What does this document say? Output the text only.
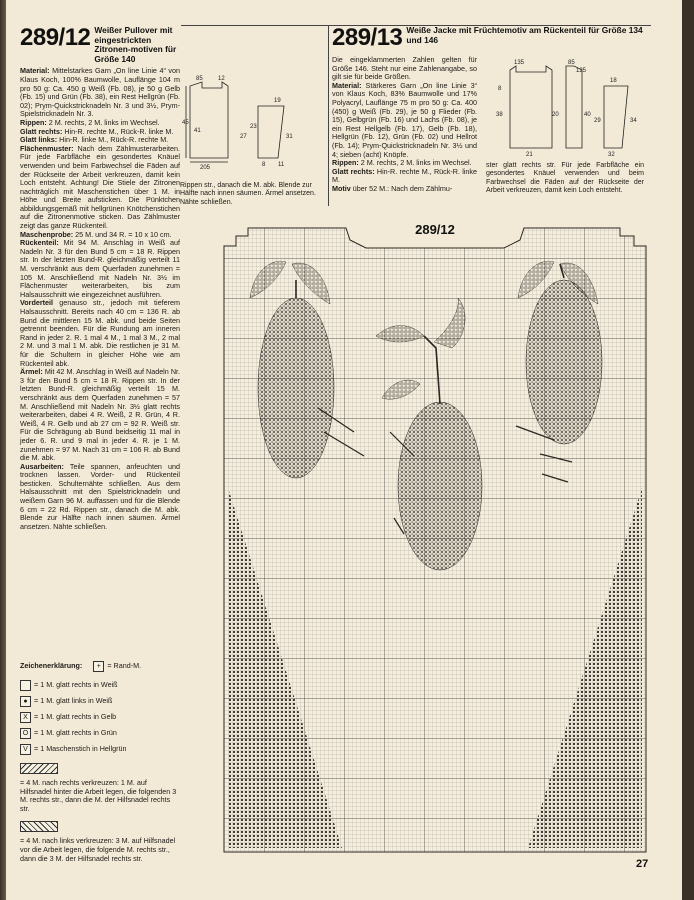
289/12 Weißer Pullover mit eingestrickten Zitronen-motiven für Größe 140

Material: Mittelstarkes Garn „On line Linie 4“ von Klaus Koch, 100% Baumwolle, Lauflänge 104 m pro 50 g: Ca. 450 g Weiß (Fb. 08), je 50 g Gelb (Fb. 15) und Grün (Fb. 38), ein Rest Hellgrün (Fb. 02); Prym-Quickstricknadeln Nr. 3 und 3½, Prym-Spielstricknadeln Nr. 3.

Rippen: 2 M. rechts, 2 M. links im Wechsel.

Glatt rechts: Hin-R. rechte M., Rück-R. linke M.

Glatt links: Hin-R. linke M., Rück-R. rechte M.

Flächenmuster: Nach dem Zählmusterarbeiten. Für jede Farbfläche ein gesondertes Knäuel verwenden und beim Farbwechsel die Fäden auf der Rückseite der Arbeit verkreuzen, damit kein Loch entsteht. Achtung! Die Stiele der Zitronen nachträglich mit Maschenstichen über 1 M. in Höhe und Breite aufsticken. Die Pünktchen abbildungsgemäß mit hellgrünen Knötchenstichen auf die Zitronenmotive sticken. Das Zählmuster zeigt das ganze Rückenteil.

Maschenprobe: 25 M. und 34 R. = 10 x 10 cm.

Rückenteil: Mit 94 M. Anschlag in Weiß auf Nadeln Nr. 3 für den Bund 5 cm = 18 R. Rippen str. In der letzten Bund-R. gleichmäßig verteilt 11 M. verschränkt aus dem Querfaden zunehmen = 105 M. Anschließend mit Nadeln Nr. 3½ im Flächenmuster weiterarbeiten, bis zum Halsausschnitt wie eingezeichnet ausführen.

Vorderteil genauso str., jedoch mit tieferem Halsausschnitt. Bereits nach 40 cm = 136 R. ab Bund die mittleren 15 M. abk. und beide Seiten getrennt beenden. Für die Rundung am inneren Rand in jeder 2. R. 1 mal 4 M., 1 mal 3 M., 2 mal 2 M. und 3 mal 1 M. abk. Die restlichen je 31 M. für die Schultern in gleicher Höhe wie am Rückenteil abk.

Ärmel: Mit 42 M. Anschlag in Weiß auf Nadeln Nr. 3 für den Bund 5 cm = 18 R. Rippen str. In der letzten Bund-R. gleichmäßig verteilt 15 M. verschränkt aus dem Querfaden zunehmen = 57 M. Anschließend mit Nadeln Nr. 3½ glatt rechts weiterarbeiten, dabei 4 R. Weiß, 2 R. Grün, 4 R. Weiß, 4 R. Gelb und ab 27 cm = 92 R. Weiß str. Für die Schrägung ab Bund beidseitig 11 mal in jeder 6. R. und 9 mal in jeder 4. R. je 1 M. zunehmen = 97 M. Nach 31 cm = 106 R. ab Bund die M. abk.

Ausarbeiten: Teile spannen, anfeuchten und trocknen lassen. Vorder- und Rückenteil besticken. Schulternähte schließen. Aus dem Halsausschnitt mit den Spielstricknadeln und weißem Garn 96 M. auffassen und für die Blende 6 cm = 22 Rd. Rippen str., danach die M. abk. Blende zur Hälfte nach innen säumen. Ärmel ansetzen. Nähte schließen.

Zeichenerklärung:	+ = Rand-M.
= 1 M. glatt rechts in Weiß
● = 1 M. glatt links in Weiß
X = 1 M. glatt rechts in Gelb
O = 1 M. glatt rechts in Grün
V = 1 Maschenstich in Hellgrün
= 4 M. nach rechts verkreuzen: 1 M. auf Hilfsnadel hinter die Arbeit legen, die folgenden 3 M. rechts str., dann die M. der Hilfsnadel rechts str.
= 4 M. nach links verkreuzen: 3 M. auf Hilfsnadel vor die Arbeit legen, die folgende M. rechts str., dann die 3 M. der Hilfsnadel rechts str.
85	12
45
41
27
23
205
31
19
8 11
Rippen str., danach die M. abk. Blende zur Hälfte nach innen säumen. Ärmel ansetzen. Nähte schließen.
289/13 Weiße Jacke mit Früchtemotiv am Rückenteil für Größe 134 und 146

Die eingeklammerten Zahlen gelten für Größe 146. Steht nur eine Zahlenangabe, so gilt sie für beide Größen.

Material: Stärkeres Garn „On line Linie 3“ von Klaus Koch, 83% Baumwolle und 17% Polyacryl, Lauflänge 75 m pro 50 g: Ca. 400 (450) g Weiß (Fb. 29), je 50 g Flieder (Fb. 15), Gelbgrün (Fb. 16) und Lachs (Fb. 08), je ein Rest Hellgelb (Fb. 17), Gelb (Fb. 18), Hellgrün (Fb. 12), Grün (Fb. 02) und Hellrot (Fb. 14); Prym-Quickstricknadeln Nr. 3½ und 4; sieben (acht) Knöpfe.

Rippen: 2 M. rechts, 2 M. links im Wechsel.

Glatt rechts: Hin-R. rechte M., Rück-R. linke M.

Motiv über 52 M.: Nach dem Zählmu-

135	85
125
8
38
21
20	40
18
34
29
32
ster glatt rechts str. Für jede Farbfläche ein gesondertes Knäuel verwenden und beim Farbwechsel die Fäden auf der Rückseite der Arbeit verkreuzen, damit kein Loch entsteht.
289/12
27
